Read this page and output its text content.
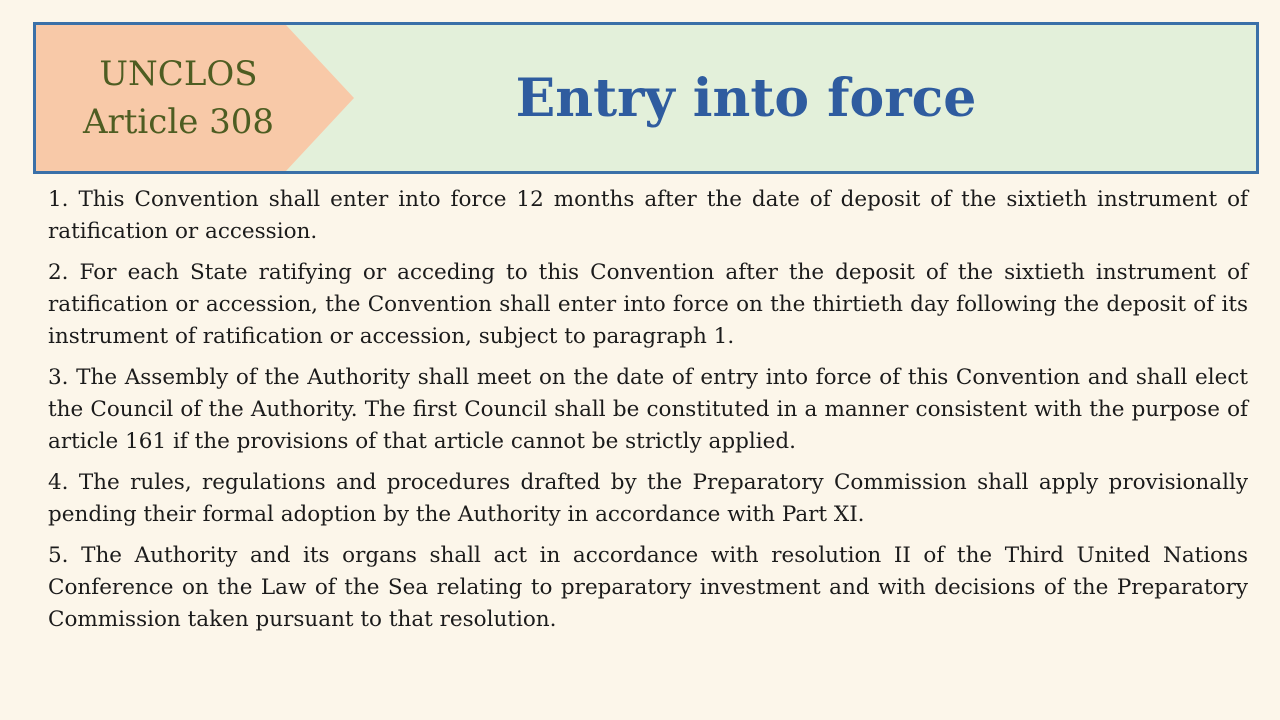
UNCLOS
Article 308	Entry into force

1. This Convention shall enter into force 12 months after the date of deposit of the sixtieth instrument of ratification or accession.

2. For each State ratifying or acceding to this Convention after the deposit of the sixtieth instrument of ratification or accession, the Convention shall enter into force on the thirtieth day following the deposit of its instrument of ratification or accession, subject to paragraph 1.

3. The Assembly of the Authority shall meet on the date of entry into force of this Convention and shall elect the Council of the Authority. The first Council shall be constituted in a manner consistent with the purpose of article 161 if the provisions of that article cannot be strictly applied.

4. The rules, regulations and procedures drafted by the Preparatory Commission shall apply provisionally pending their formal adoption by the Authority in accordance with Part XI.

5. The Authority and its organs shall act in accordance with resolution II of the Third United Nations Conference on the Law of the Sea relating to preparatory investment and with decisions of the Preparatory Commission taken pursuant to that resolution.
